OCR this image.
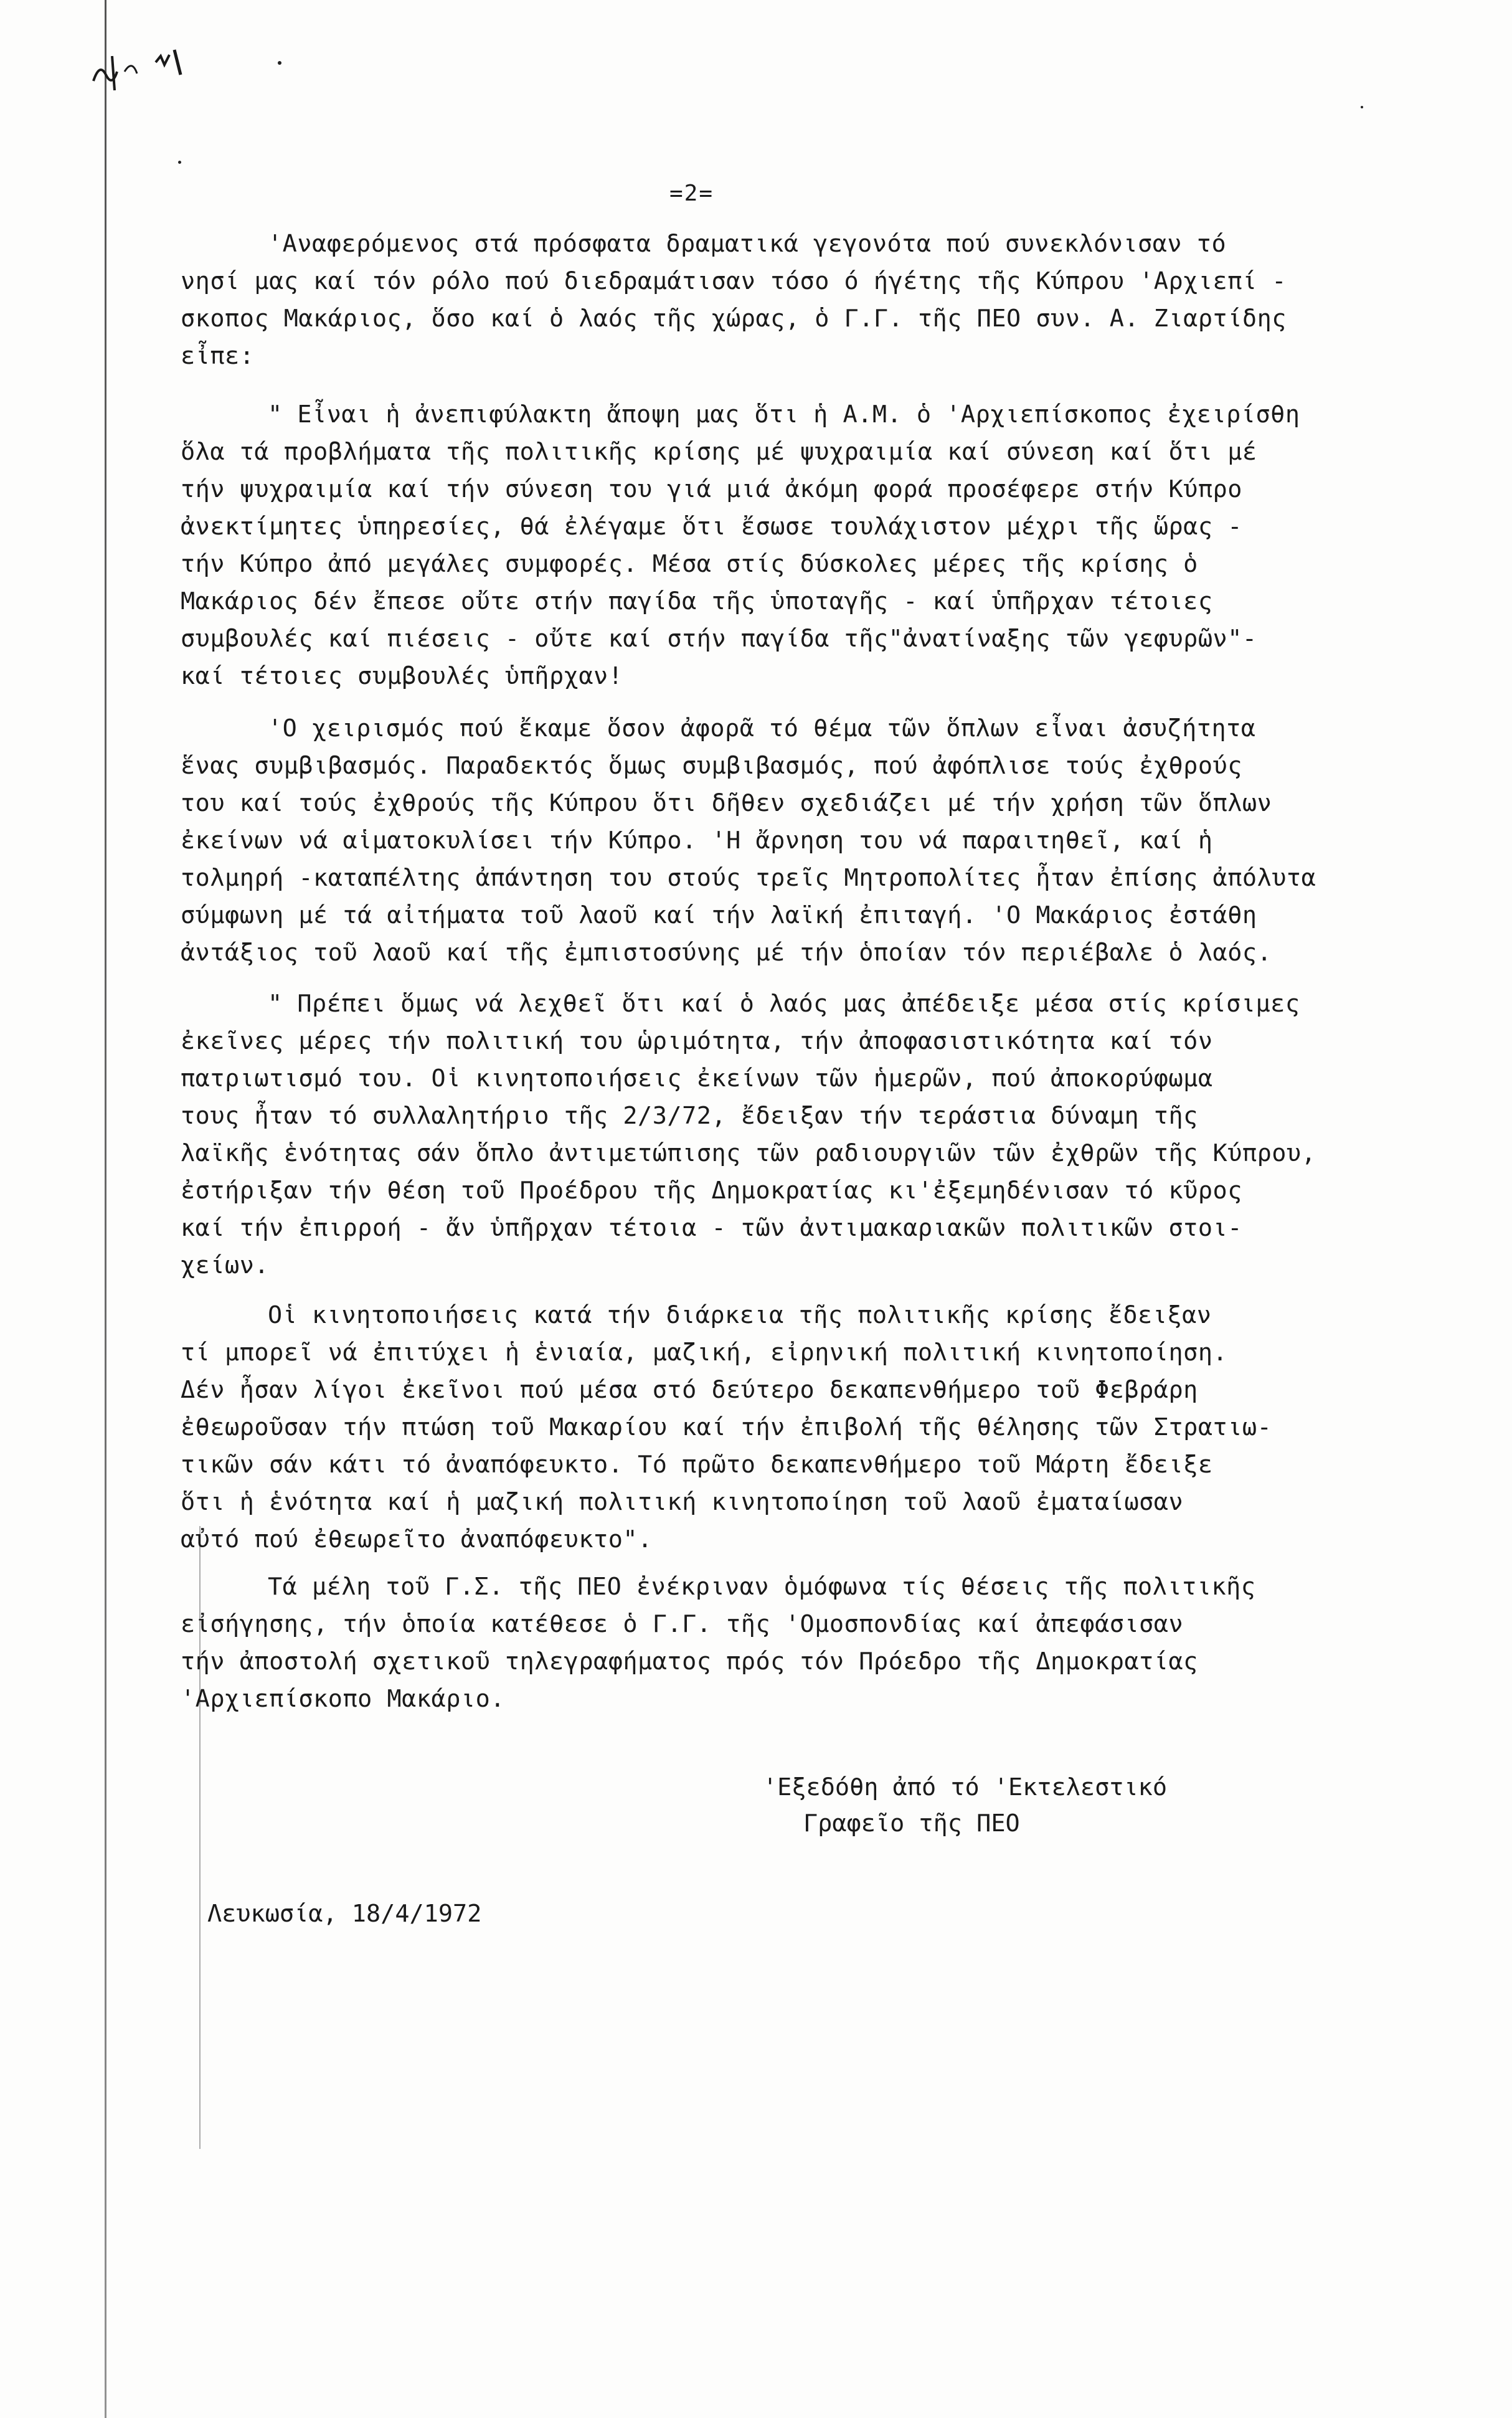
=2=
'Αναφερόμενος στά πρόσφατα δραματικά γεγονότα πού συνεκλόνισαν τό
νησί μας καί τόν ρόλο πού διεδραμάτισαν τόσο ό ήγέτης τῆς Κύπρου 'Αρχιεπί -
σκοπος Μακάριος, ὅσο καί ὁ λαός τῆς χώρας, ὁ Γ.Γ. τῆς ΠΕΟ συν. Α. Ζιαρτίδης
εἶπε:
" Εἶναι ἡ ἀνεπιφύλακτη ἄποψη μας ὅτι ἡ Α.Μ. ὁ 'Αρχιεπίσκοπος ἐχειρίσθη
ὅλα τά προβλήματα τῆς πολιτικῆς κρίσης μέ ψυχραιμία καί σύνεση καί ὅτι μέ
τήν ψυχραιμία καί τήν σύνεση του γιά μιά ἀκόμη φορά προσέφερε στήν Κύπρο
ἀνεκτίμητες ὑπηρεσίες, θά ἐλέγαμε ὅτι ἔσωσε τουλάχιστον μέχρι τῆς ὥρας -
τήν Κύπρο ἀπό μεγάλες συμφορές. Μέσα στίς δύσκολες μέρες τῆς κρίσης ὁ
Μακάριος δέν ἔπεσε οὔτε στήν παγίδα τῆς ὑποταγῆς - καί ὑπῆρχαν τέτοιες
συμβουλές καί πιέσεις - οὔτε καί στήν παγίδα τῆς"ἀνατίναξης τῶν γεφυρῶν"-
καί τέτοιες συμβουλές ὑπῆρχαν!
'Ο χειρισμός πού ἔκαμε ὅσον ἀφορᾶ τό θέμα τῶν ὅπλων εἶναι ἀσυζήτητα
ἕνας συμβιβασμός. Παραδεκτός ὅμως συμβιβασμός, πού ἀφόπλισε τούς ἐχθρούς
του καί τούς ἐχθρούς τῆς Κύπρου ὅτι δῆθεν σχεδιάζει μέ τήν χρήση τῶν ὅπλων
ἐκείνων νά αἱματοκυλίσει τήν Κύπρο. 'Η ἄρνηση του νά παραιτηθεῖ, καί ἡ
τολμηρή -καταπέλτης ἀπάντηση του στούς τρεῖς Μητροπολίτες ἦταν ἐπίσης ἀπόλυτα
σύμφωνη μέ τά αἰτήματα τοῦ λαοῦ καί τήν λαϊκή ἐπιταγή. 'Ο Μακάριος ἐστάθη
ἀντάξιος τοῦ λαοῦ καί τῆς ἐμπιστοσύνης μέ τήν ὁποίαν τόν περιέβαλε ὁ λαός.
" Πρέπει ὅμως νά λεχθεῖ ὅτι καί ὁ λαός μας ἀπέδειξε μέσα στίς κρίσιμες
ἐκεῖνες μέρες τήν πολιτική του ὡριμότητα, τήν ἀποφασιστικότητα καί τόν
πατριωτισμό του. Οἱ κινητοποιήσεις ἐκείνων τῶν ἡμερῶν, πού ἀποκορύφωμα
τους ἦταν τό συλλαλητήριο τῆς 2/3/72, ἔδειξαν τήν τεράστια δύναμη τῆς
λαϊκῆς ἑνότητας σάν ὅπλο ἀντιμετώπισης τῶν ραδιουργιῶν τῶν ἐχθρῶν τῆς Κύπρου,
ἐστήριξαν τήν θέση τοῦ Προέδρου τῆς Δημοκρατίας κι'ἐξεμηδένισαν τό κῦρος
καί τήν ἐπιρροή - ἄν ὑπῆρχαν τέτοια - τῶν ἀντιμακαριακῶν πολιτικῶν στοι-
χείων.
Οἱ κινητοποιήσεις κατά τήν διάρκεια τῆς πολιτικῆς κρίσης ἔδειξαν
τί μπορεῖ νά ἐπιτύχει ἡ ἑνιαία, μαζική, εἰρηνική πολιτική κινητοποίηση.
Δέν ἦσαν λίγοι ἐκεῖνοι πού μέσα στό δεύτερο δεκαπενθήμερο τοῦ Φεβράρη
ἐθεωροῦσαν τήν πτώση τοῦ Μακαρίου καί τήν ἐπιβολή τῆς θέλησης τῶν Στρατιω-
τικῶν σάν κάτι τό ἀναπόφευκτο. Τό πρῶτο δεκαπενθήμερο τοῦ Μάρτη ἔδειξε
ὅτι ἡ ἑνότητα καί ἡ μαζική πολιτική κινητοποίηση τοῦ λαοῦ ἐματαίωσαν
αὐτό πού ἐθεωρεῖτο ἀναπόφευκτο".
Τά μέλη τοῦ Γ.Σ. τῆς ΠΕΟ ἐνέκριναν ὁμόφωνα τίς θέσεις τῆς πολιτικῆς
εἰσήγησης, τήν ὁποία κατέθεσε ὁ Γ.Γ. τῆς 'Ομοσπονδίας καί ἀπεφάσισαν
τήν ἀποστολή σχετικοῦ τηλεγραφήματος πρός τόν Πρόεδρο τῆς Δημοκρατίας
'Αρχιεπίσκοπο Μακάριο.
'Εξεδόθη ἀπό τό 'Εκτελεστικό
Γραφεῖο τῆς ΠΕΟ
Λευκωσία, 18/4/1972
